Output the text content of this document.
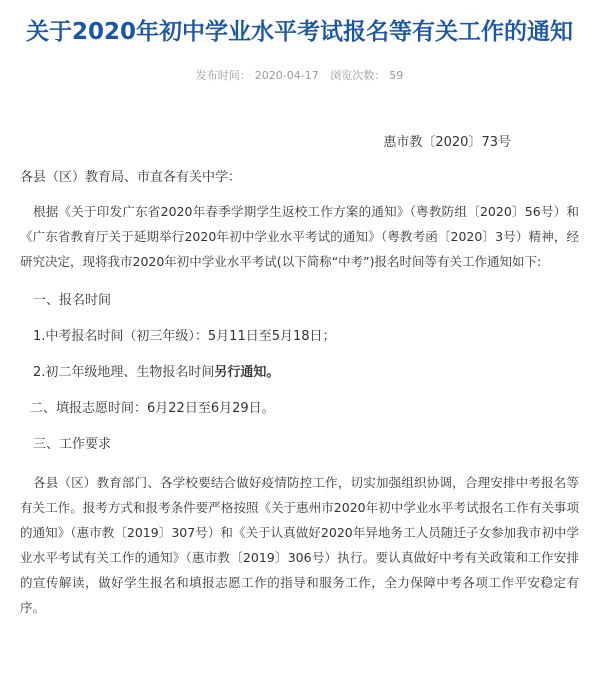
关于2020年初中学业水平考试报名等有关工作的通知
发布时间： 2020-04-17 浏览次数： 59
惠市教〔2020〕73号
各县（区）教育局、市直各有关中学：

根据《关于印发广东省2020年春季学期学生返校工作方案的通知》（粤教防组〔2020〕56号）和《广东省教育厅关于延期举行2020年初中学业水平考试的通知》（粤教考函〔2020〕3号）精神，经研究决定，现将我市2020年初中学业水平考试(以下简称“中考”)报名时间等有关工作通知如下:

一、报名时间
1.中考报名时间（初三年级）：5月11日至5月18日；
2.初二年级地理、生物报名时间另行通知。
二、填报志愿时间：6月22日至6月29日。
三、工作要求

各县（区）教育部门、各学校要结合做好疫情防控工作，切实加强组织协调，合理安排中考报名等有关工作。报考方式和报考条件要严格按照《关于惠州市2020年初中学业水平考试报名工作有关事项的通知》（惠市教〔2019〕307号）和《关于认真做好2020年异地务工人员随迁子女参加我市初中学业水平考试有关工作的通知》（惠市教〔2019〕306号）执行。要认真做好中考有关政策和工作安排的宣传解读，做好学生报名和填报志愿工作的指导和服务工作，全力保障中考各项工作平安稳定有序。
